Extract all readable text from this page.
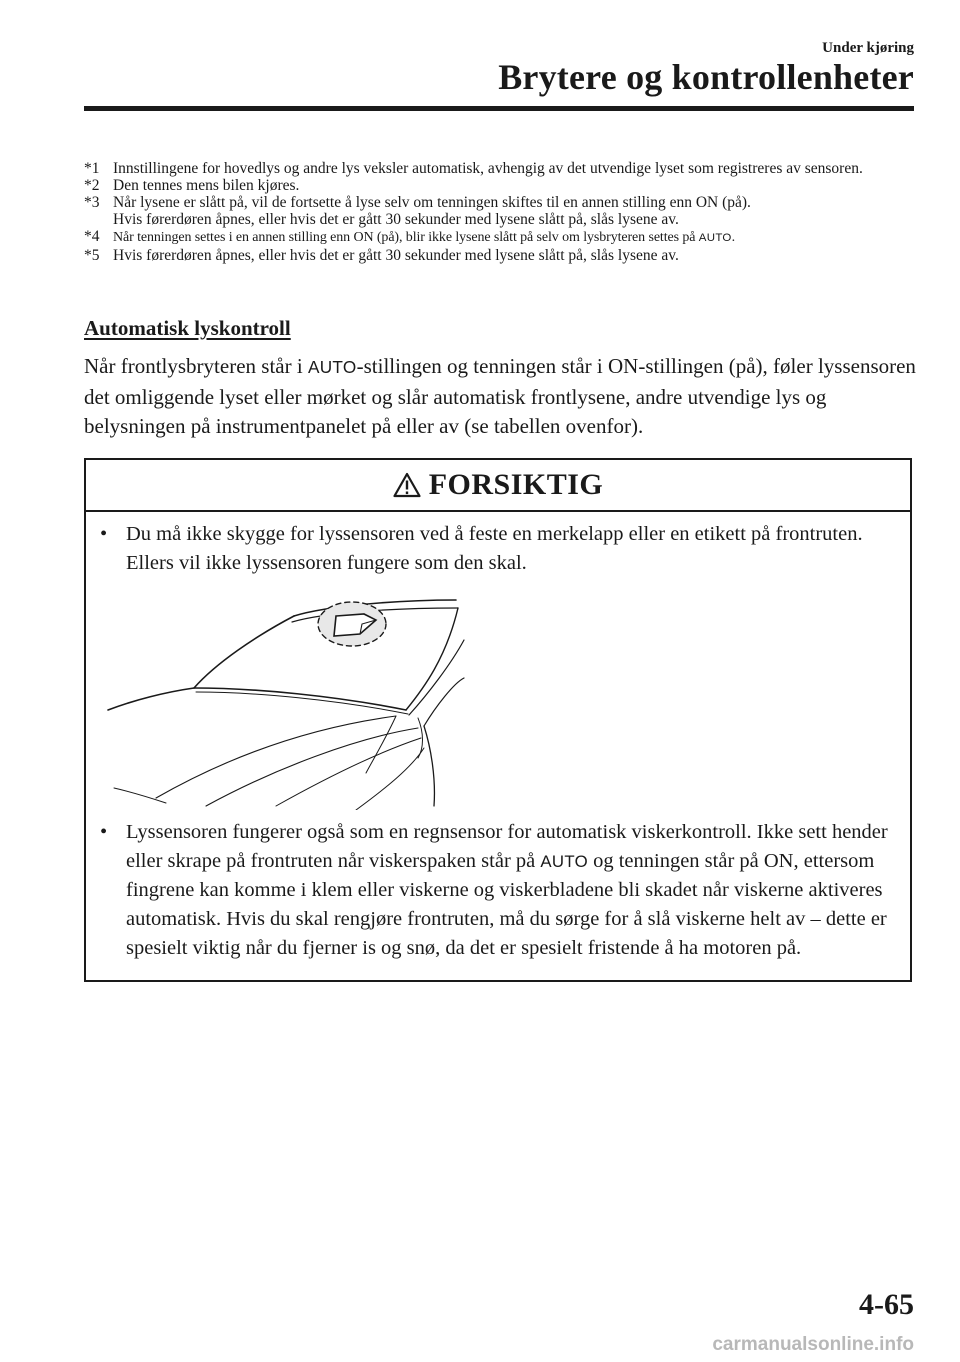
Under kjøring
Brytere og kontrollenheter
*1 Innstillingene for hovedlys og andre lys veksler automatisk, avhengig av det utvendige lyset som registreres av sensoren.
*2 Den tennes mens bilen kjøres.
*3 Når lysene er slått på, vil de fortsette å lyse selv om tenningen skiftes til en annen stilling enn ON (på).
Hvis førerdøren åpnes, eller hvis det er gått 30 sekunder med lysene slått på, slås lysene av.
*4 Når tenningen settes i en annen stilling enn ON (på), blir ikke lysene slått på selv om lysbryteren settes på AUTO.
*5 Hvis førerdøren åpnes, eller hvis det er gått 30 sekunder med lysene slått på, slås lysene av.
Automatisk lyskontroll
Når frontlysbryteren står i AUTO-stillingen og tenningen står i ON-stillingen (på), føler lyssensoren det omliggende lyset eller mørket og slår automatisk frontlysene, andre utvendige lys og belysningen på instrumentpanelet på eller av (se tabellen ovenfor).
FORSIKTIG
• Du må ikke skygge for lyssensoren ved å feste en merkelapp eller en etikett på frontruten. Ellers vil ikke lyssensoren fungere som den skal.
• Lyssensoren fungerer også som en regnsensor for automatisk viskerkontroll. Ikke sett hender eller skrape på frontruten når viskerspaken står på AUTO og tenningen står på ON, ettersom fingrene kan komme i klem eller viskerne og viskerbladene bli skadet når viskerne aktiveres automatisk. Hvis du skal rengjøre frontruten, må du sørge for å slå viskerne helt av – dette er spesielt viktig når du fjerner is og snø, da det er spesielt fristende å ha motoren på.
4-65
carmanualsonline.info
